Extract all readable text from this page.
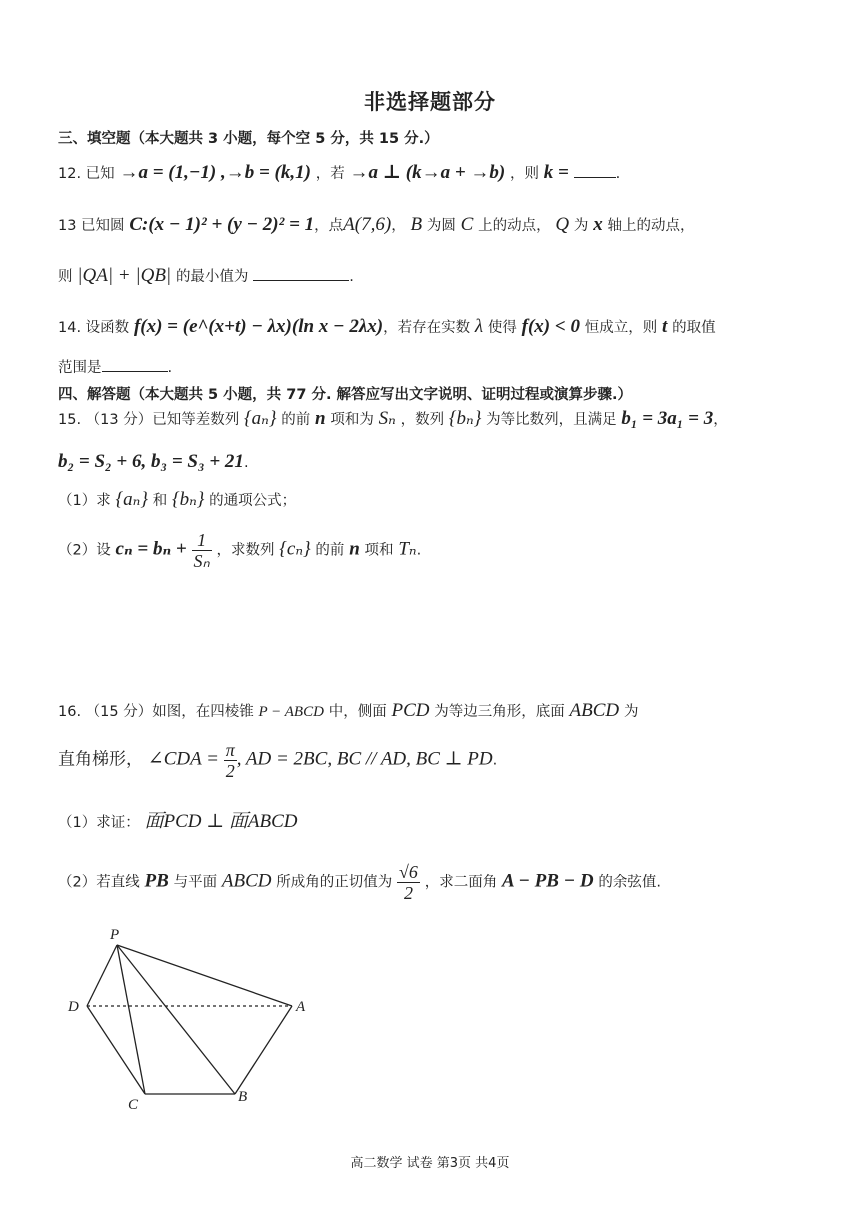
非选择题部分
三、填空题（本大题共 3 小题，每个空 5 分，共 15 分.）
12. 已知 →a = (1,−1) ,→b = (k,1) ，若 →a ⊥ (k→a + →b) ，则 k =	.
13 已知圆 C:(x − 1)² + (y − 2)² = 1，点A(7,6)， B 为圆 C 上的动点， Q 为 x 轴上的动点，
则 |QA| + |QB| 的最小值为	.
14. 设函数 f(x) = (e^(x+t) − λx)(ln x − 2λx)，若存在实数 λ 使得 f(x) < 0 恒成立，则 t 的取值
范围是	.
四、解答题（本大题共 5 小题，共 77 分. 解答应写出文字说明、证明过程或演算步骤.）
15. （13 分）已知等差数列 {aₙ} 的前 n 项和为 Sₙ ，数列 {bₙ} 为等比数列，且满足 b₁ = 3a₁ = 3，
b₂ = S₂ + 6, b₃ = S₃ + 21.
（1）求 {aₙ} 和 {bₙ} 的通项公式；
（2）设 $c_n = b_n + \frac{1}{\text{Sₙ}}$ ，求数列 {cₙ} 的前 n 项和 Tₙ.
16. （15 分）如图，在四棱锥 P − ABCD 中，侧面 PCD 为等边三角形，底面 ABCD 为
直角梯形， ∠CDA = $\frac{\pi}{2}$ , AD = 2BC, BC // AD, BC ⊥ PD.
（1）求证： 面PCD ⊥ 面ABCD
（2）若直线 PB 与平面 ABCD 所成角的正切值为 $\frac{√6}{2}$ ，求二面角 A − PB − D 的余弦值.
P
D	A
B
C
高二数学 试卷 第3页 共4页
